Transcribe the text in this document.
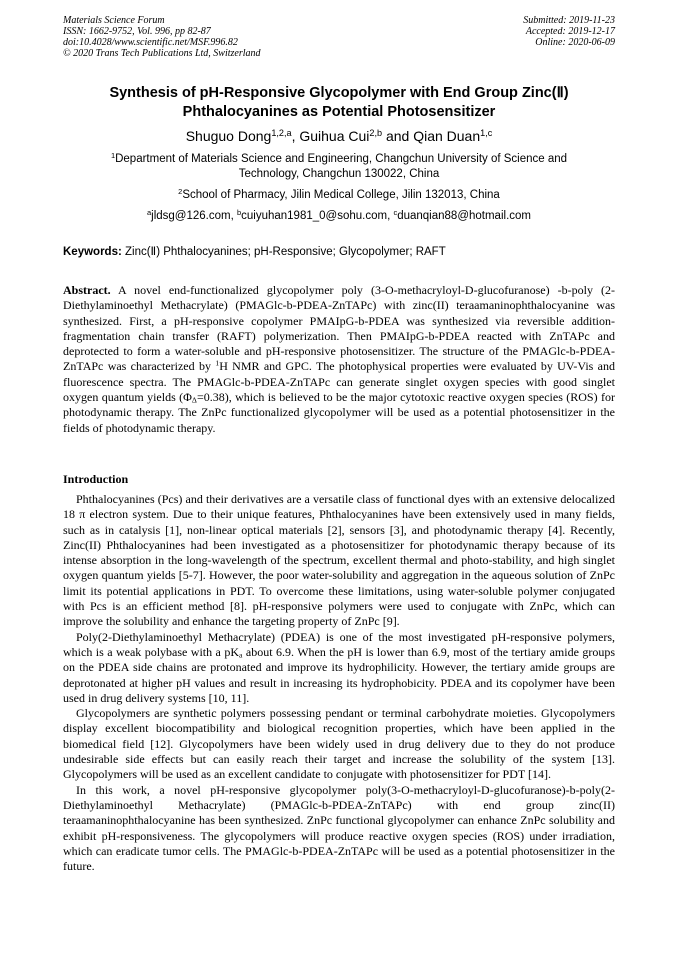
Materials Science Forum
ISSN: 1662-9752, Vol. 996, pp 82-87
doi:10.4028/www.scientific.net/MSF.996.82
© 2020 Trans Tech Publications Ltd, Switzerland
Submitted: 2019-11-23
Accepted: 2019-12-17
Online: 2020-06-09
Synthesis of pH-Responsive Glycopolymer with End Group Zinc(Ⅱ)
Phthalocyanines as Potential Photosensitizer
Shuguo Dong$^{1,2,a}$, Guihua Cui$^{2,b}$ and Qian Duan$^{1,c}$
$^1$Department of Materials Science and Engineering, Changchun University of Science and
Technology, Changchun 130022, China
$^2$School of Pharmacy, Jilin Medical College, Jilin 132013, China
$^a$jldsg@126.com, $^b$cuiyuhan1981_0@sohu.com, $^c$duanqian88@hotmail.com
Keywords: Zinc(Ⅱ) Phthalocyanines; pH-Responsive; Glycopolymer; RAFT
Abstract. A novel end-functionalized glycopolymer poly (3-O-methacryloyl-D-glucofuranose) -b-poly (2-Diethylaminoethyl Methacrylate) (PMAGlc-b-PDEA-ZnTAPc) with zinc(II) teraamaninophthalocyanine was synthesized. First, a pH-responsive copolymer PMAIpG-b-PDEA was synthesized via reversible addition-fragmentation chain transfer (RAFT) polymerization. Then PMAIpG-b-PDEA reacted with ZnTAPc and deprotected to form a water-soluble and pH-responsive photosensitizer. The structure of the PMAGlc-b-PDEA-ZnTAPc was characterized by $^1$H NMR and GPC. The photophysical properties were evaluated by UV-Vis and fluorescence spectra. The PMAGlc-b-PDEA-ZnTAPc can generate singlet oxygen species with good singlet oxygen quantum yields $(\Phi_\Delta=0.38)$, which is believed to be the major cytotoxic reactive oxygen species (ROS) for photodynamic therapy. The ZnPc functionalized glycopolymer will be used as a potential photosensitizer in the fields of photodynamic therapy.
Introduction

Phthalocyanines (Pcs) and their derivatives are a versatile class of functional dyes with an extensive delocalized 18 π electron system. Due to their unique features, Phthalocyanines have been extensively used in many fields, such as in catalysis [1], non-linear optical materials [2], sensors [3], and photodynamic therapy [4]. Recently, Zinc(II) Phthalocyanines had been investigated as a photosensitizer for photodynamic therapy because of its intense absorption in the long-wavelength of the spectrum, excellent thermal and photo-stability, and high singlet oxygen quantum yields [5-7]. However, the poor water-solubility and aggregation in the aqueous solution of ZnPc limit its potential applications in PDT. To overcome these limitations, using water-soluble polymer conjugated with Pcs is an efficient method [8]. pH-responsive polymers were used to conjugate with ZnPc, which can improve the solubility and enhance the targeting property of ZnPc [9].

Poly(2-Diethylaminoethyl Methacrylate) (PDEA) is one of the most investigated pH-responsive polymers, which is a weak polybase with a $pK_a$ about 6.9. When the pH is lower than 6.9, most of the tertiary amide groups on the PDEA side chains are protonated and improve its hydrophilicity. However, the tertiary amide groups are deprotonated at higher pH values and result in increasing its hydrophobicity. PDEA and its copolymer have been used in drug delivery systems [10, 11].

Glycopolymers are synthetic polymers possessing pendant or terminal carbohydrate moieties. Glycopolymers display excellent biocompatibility and biological recognition properties, which have been applied in the biomedical field [12]. Glycopolymers have been widely used in drug delivery due to they do not produce undesirable side effects but can easily reach their target and increase the solubility of the system [13]. Glycopolymers will be used as an excellent candidate to conjugate with photosensitizer for PDT [14].

In this work, a novel pH-responsive glycopolymer poly(3-O-methacryloyl-D-glucofuranose)-b-poly(2-Diethylaminoethyl Methacrylate) (PMAGlc-b-PDEA-ZnTAPc) with end group zinc(II) teraamaninophthalocyanine has been synthesized. ZnPc functional glycopolymer can enhance ZnPc solubility and exhibit pH-responsiveness. The glycopolymers will produce reactive oxygen species (ROS) under irradiation, which can eradicate tumor cells. The PMAGlc-b-PDEA-ZnTAPc will be used as a potential photosensitizer in the future.
